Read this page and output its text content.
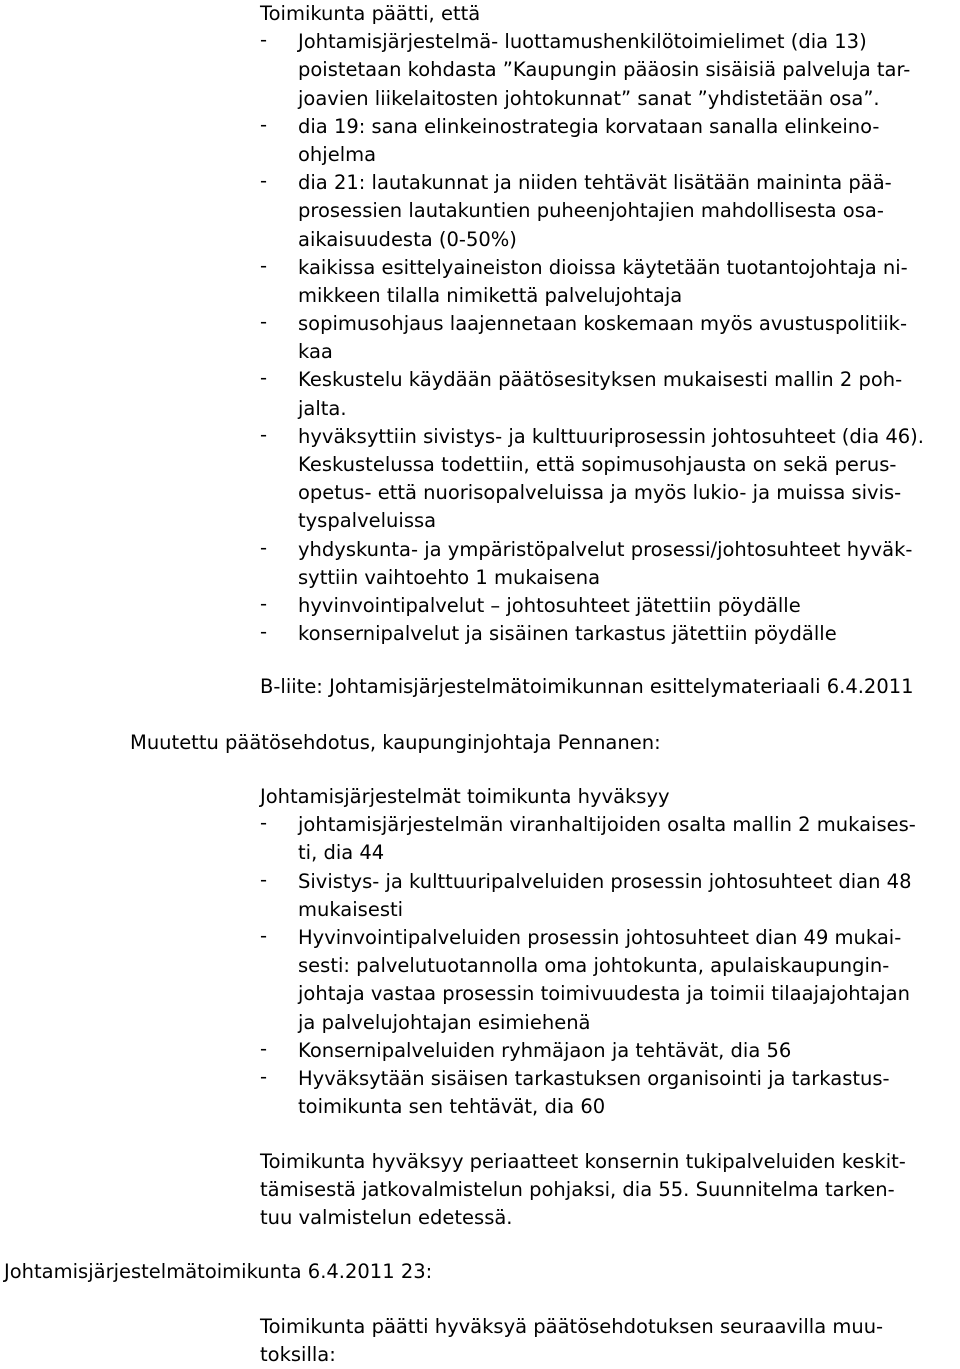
Toimikunta päätti, että
- Johtamisjärjestelmä- luottamushenkilötoimielimet (dia 13)
poistetaan kohdasta ”Kaupungin pääosin sisäisiä palveluja tar-
joavien liikelaitosten johtokunnat” sanat ”yhdistetään osa”.
- dia 19: sana elinkeinostrategia korvataan sanalla elinkeino-
ohjelma
- dia 21: lautakunnat ja niiden tehtävät lisätään maininta pää-
prosessien lautakuntien puheenjohtajien mahdollisesta osa-
aikaisuudesta (0-50%)
- kaikissa esittelyaineiston dioissa käytetään tuotantojohtaja ni-
mikkeen tilalla nimikettä palvelujohtaja
- sopimusohjaus laajennetaan koskemaan myös avustuspolitiik-
kaa
- Keskustelu käydään päätösesityksen mukaisesti mallin 2 poh-
jalta.
- hyväksyttiin sivistys- ja kulttuuriprosessin johtosuhteet (dia 46).
Keskustelussa todettiin, että sopimusohjausta on sekä perus-
opetus- että nuorisopalveluissa ja myös lukio- ja muissa sivis-
tyspalveluissa
- yhdyskunta- ja ympäristöpalvelut prosessi/johtosuhteet hyväk-
syttiin vaihtoehto 1 mukaisena
- hyvinvointipalvelut – johtosuhteet jätettiin pöydälle
- konsernipalvelut ja sisäinen tarkastus jätettiin pöydälle
B-liite: Johtamisjärjestelmätoimikunnan esittelymateriaali 6.4.2011
Muutettu päätösehdotus, kaupunginjohtaja Pennanen:
Johtamisjärjestelmät toimikunta hyväksyy
- johtamisjärjestelmän viranhaltijoiden osalta mallin 2 mukaises-
ti, dia 44
- Sivistys- ja kulttuuripalveluiden prosessin johtosuhteet dian 48
mukaisesti
- Hyvinvointipalveluiden prosessin johtosuhteet dian 49 mukai-
sesti: palvelutuotannolla oma johtokunta, apulaiskaupungin-
johtaja vastaa prosessin toimivuudesta ja toimii tilaajajohtajan
ja palvelujohtajan esimiehenä
- Konsernipalveluiden ryhmäjaon ja tehtävät, dia 56
- Hyväksytään sisäisen tarkastuksen organisointi ja tarkastus-
toimikunta sen tehtävät, dia 60
Toimikunta hyväksyy periaatteet konsernin tukipalveluiden keskit-
tämisestä jatkovalmistelun pohjaksi, dia 55. Suunnitelma tarken-
tuu valmistelun edetessä.
Johtamisjärjestelmätoimikunta 6.4.2011 23:
Toimikunta päätti hyväksyä päätösehdotuksen seuraavilla muu-
toksilla:
